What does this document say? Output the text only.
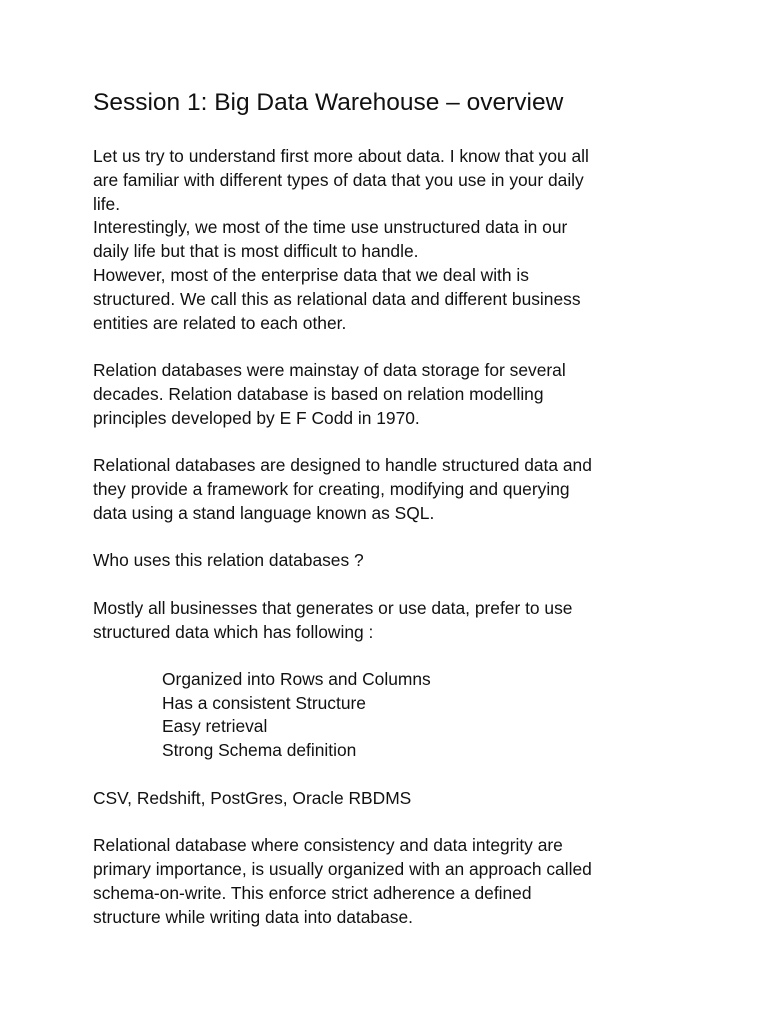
Session 1: Big Data Warehouse – overview
Let us try to understand first more about data. I know that you all
are familiar with different types of data that you use in your daily
life.
Interestingly, we most of the time use unstructured data in our
daily life but that is most difficult to handle.
However, most of the enterprise data that we deal with is
structured. We call this as relational data and different business
entities are related to each other.
Relation databases were mainstay of data storage for several
decades. Relation database is based on relation modelling
principles developed by E F Codd in 1970.
Relational databases are designed to handle structured data and
they provide a framework for creating, modifying and querying
data using a stand language known as SQL.
Who uses this relation databases ?
Mostly all businesses that generates or use data, prefer to use
structured data which has following :
Organized into Rows and Columns
Has a consistent Structure
Easy retrieval
Strong Schema definition
CSV, Redshift, PostGres, Oracle RBDMS
Relational database where consistency and data integrity are
primary importance, is usually organized with an approach called
schema-on-write. This enforce strict adherence a defined
structure while writing data into database.
